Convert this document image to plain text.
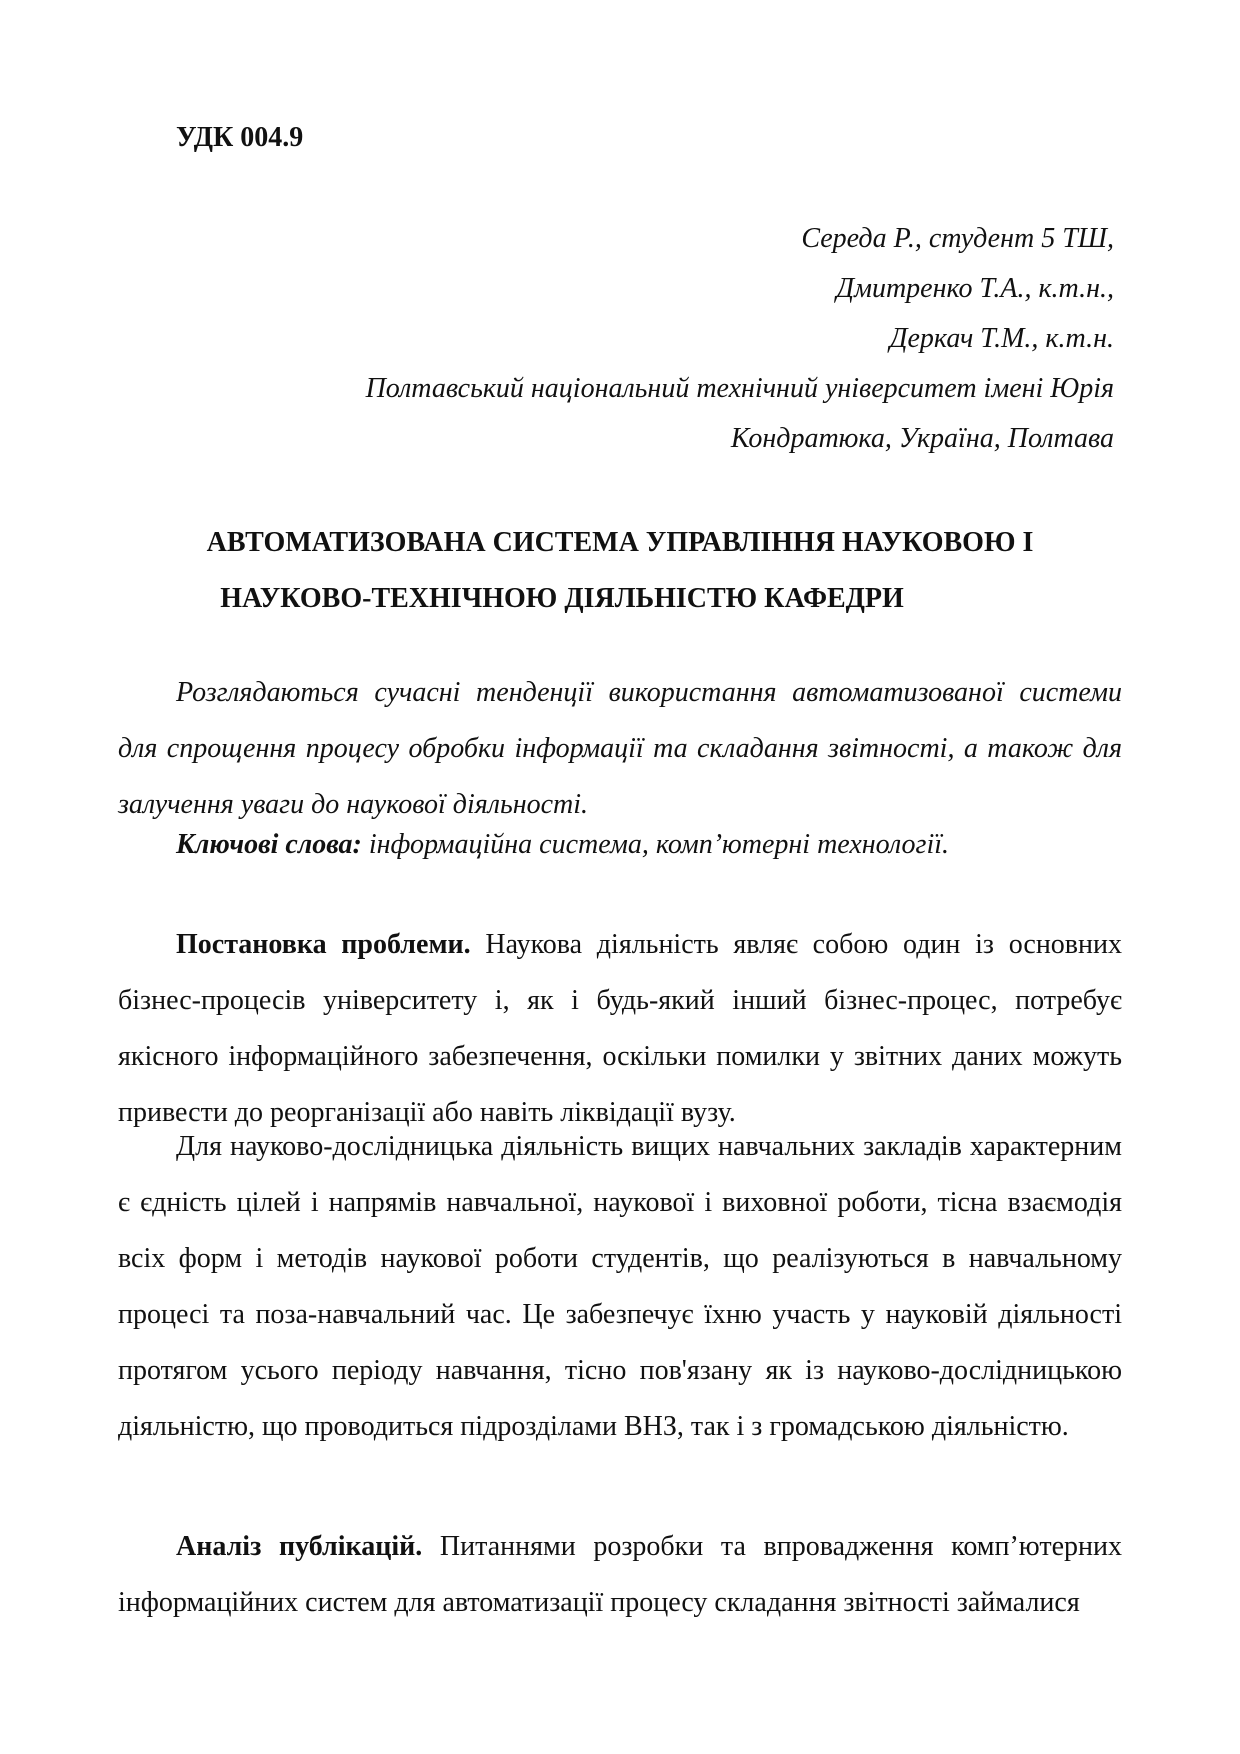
УДК 004.9
Середа Р., студент 5 ТШ,
Дмитренко Т.А., к.т.н.,
Деркач Т.М., к.т.н.
Полтавський національний технічний університет імені Юрія
Кондратюка, Україна, Полтава
АВТОМАТИЗОВАНА СИСТЕМА УПРАВЛІННЯ НАУКОВОЮ І
НАУКОВО-ТЕХНІЧНОЮ ДІЯЛЬНІСТЮ КАФЕДРИ

Розглядаються сучасні тенденції використання автоматизованої системи для спрощення процесу обробки інформації та складання звітності, а також для залучення уваги до наукової діяльності.

Ключові слова: інформаційна система, комп’ютерні технології.

Постановка проблеми. Наукова діяльність являє собою один із основних бізнес-процесів університету і, як і будь-який інший бізнес-процес, потребує якісного інформаційного забезпечення, оскільки помилки у звітних даних можуть привести до реорганізації або навіть ліквідації вузу.

Для науково-дослідницька діяльність вищих навчальних закладів характерним є єдність цілей і напрямів навчальної, наукової і виховної роботи, тісна взаємодія всіх форм і методів наукової роботи студентів, що реалізуються в навчальному процесі та поза-навчальний час. Це забезпечує їхню участь у науковій діяльності протягом усього періоду навчання, тісно пов'язану як із науково-дослідницькою діяльністю, що проводиться підрозділами ВНЗ, так і з громадською діяльністю.

Аналіз публікацій. Питаннями розробки та впровадження комп’ютерних інформаційних систем для автоматизації процесу складання звітності займалися
